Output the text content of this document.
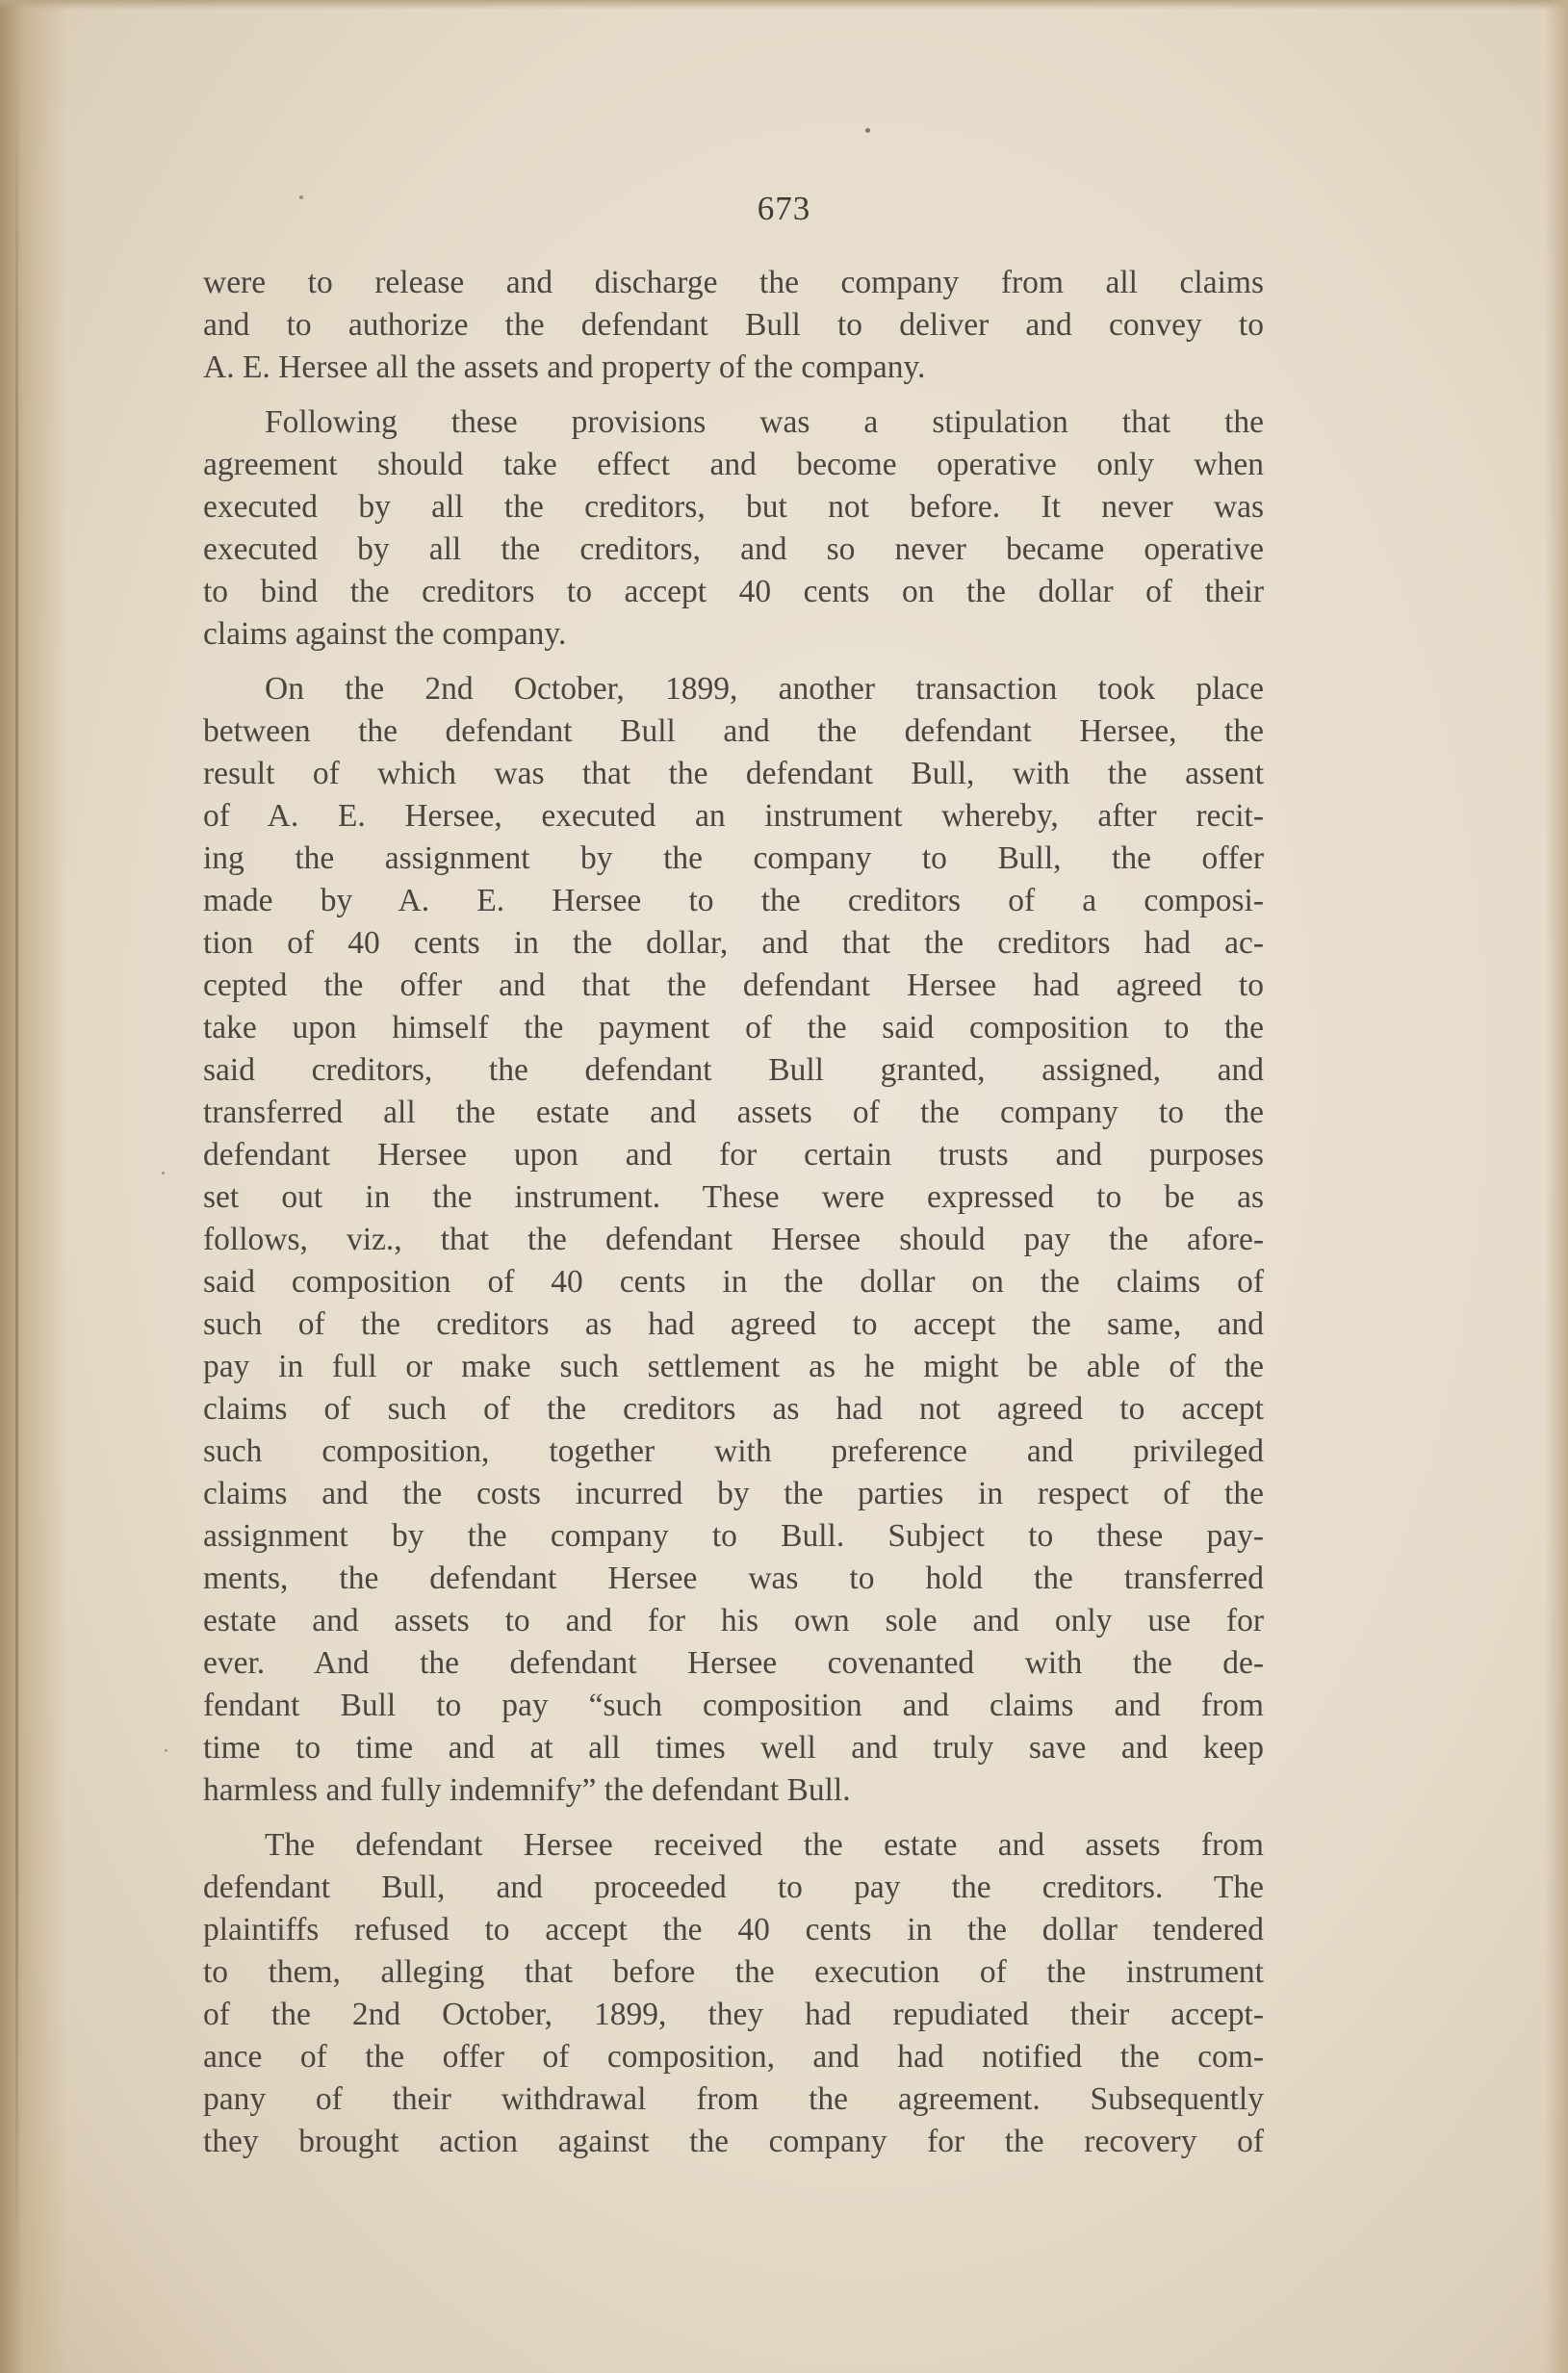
673
were to release and discharge the company from all claims
and to authorize the defendant Bull to deliver and convey to
A. E. Hersee all the assets and property of the company.
Following these provisions was a stipulation that the
agreement should take effect and become operative only when
executed by all the creditors, but not before. It never was
executed by all the creditors, and so never became operative
to bind the creditors to accept 40 cents on the dollar of their
claims against the company.
On the 2nd October, 1899, another transaction took place
between the defendant Bull and the defendant Hersee, the
result of which was that the defendant Bull, with the assent
of A. E. Hersee, executed an instrument whereby, after recit-
ing the assignment by the company to Bull, the offer
made by A. E. Hersee to the creditors of a composi-
tion of 40 cents in the dollar, and that the creditors had ac-
cepted the offer and that the defendant Hersee had agreed to
take upon himself the payment of the said composition to the
said creditors, the defendant Bull granted, assigned, and
transferred all the estate and assets of the company to the
defendant Hersee upon and for certain trusts and purposes
set out in the instrument. These were expressed to be as
follows, viz., that the defendant Hersee should pay the afore-
said composition of 40 cents in the dollar on the claims of
such of the creditors as had agreed to accept the same, and
pay in full or make such settlement as he might be able of the
claims of such of the creditors as had not agreed to accept
such composition, together with preference and privileged
claims and the costs incurred by the parties in respect of the
assignment by the company to Bull. Subject to these pay-
ments, the defendant Hersee was to hold the transferred
estate and assets to and for his own sole and only use for
ever. And the defendant Hersee covenanted with the de-
fendant Bull to pay “such composition and claims and from
time to time and at all times well and truly save and keep
harmless and fully indemnify” the defendant Bull.
The defendant Hersee received the estate and assets from
defendant Bull, and proceeded to pay the creditors. The
plaintiffs refused to accept the 40 cents in the dollar tendered
to them, alleging that before the execution of the instrument
of the 2nd October, 1899, they had repudiated their accept-
ance of the offer of composition, and had notified the com-
pany of their withdrawal from the agreement. Subsequently
they brought action against the company for the recovery of
